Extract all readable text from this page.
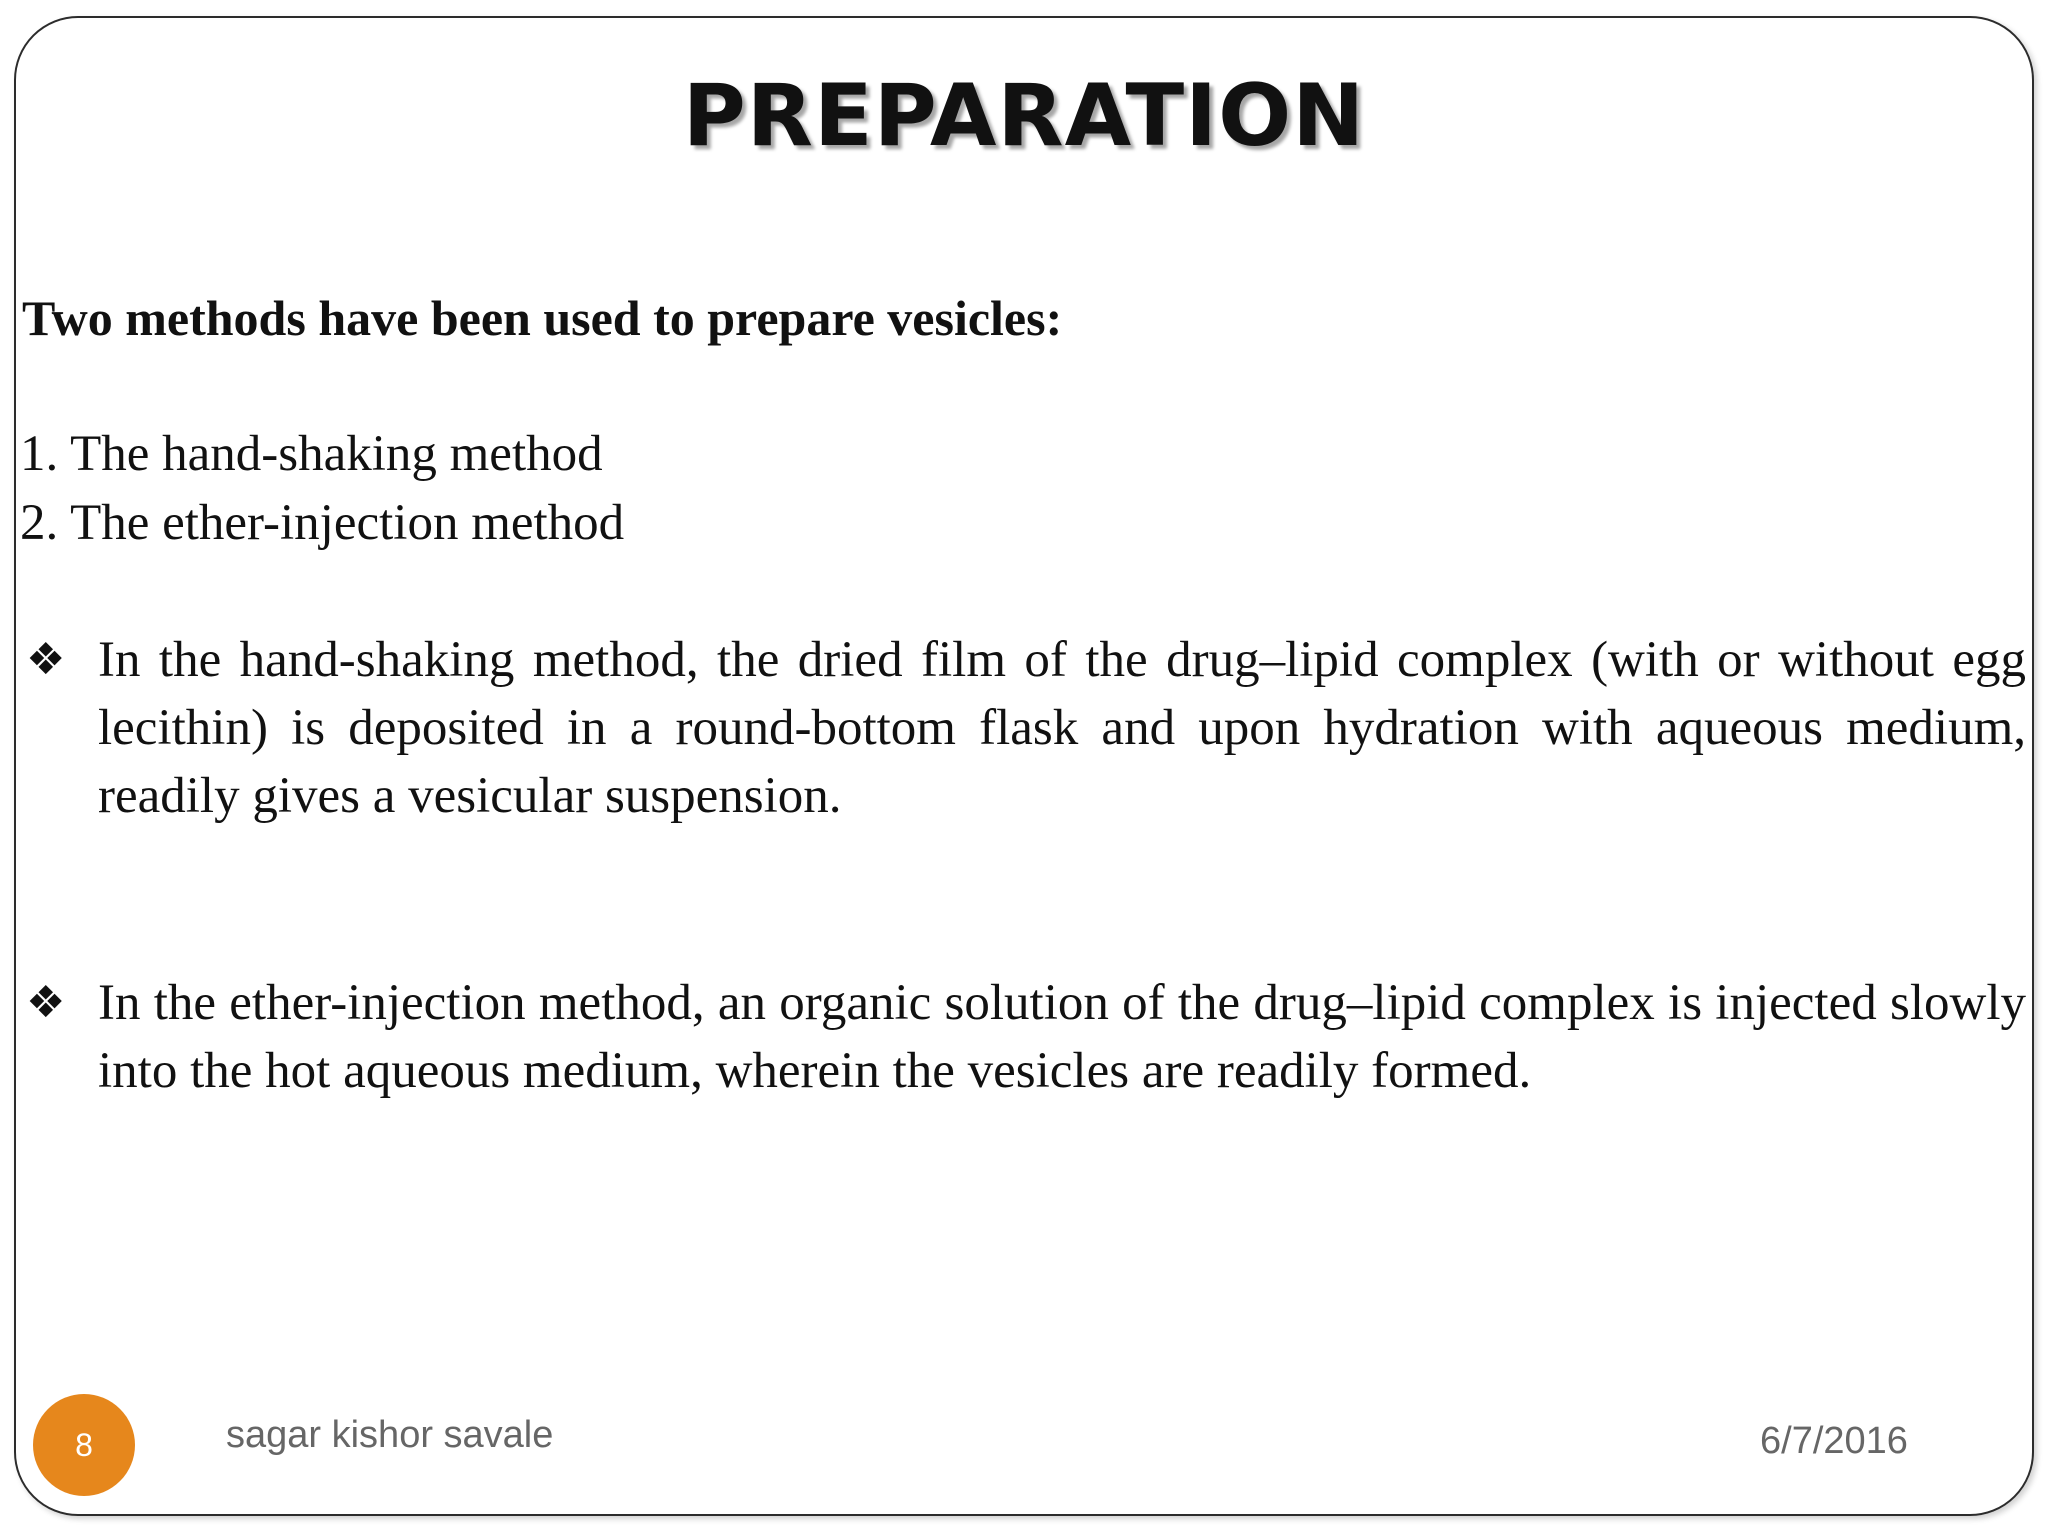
PREPARATION
Two methods have been used to prepare vesicles:
1. The hand-shaking method
2. The ether-injection method
❖ In the hand-shaking method, the dried film of the drug–lipid complex (with or without egg lecithin) is deposited in a round-bottom flask and upon hydration with aqueous medium, readily gives a vesicular suspension.
❖ In the ether-injection method, an organic solution of the drug–lipid complex is injected slowly into the hot aqueous medium, wherein the vesicles are readily formed.
8	sagar kishor savale	6/7/2016
